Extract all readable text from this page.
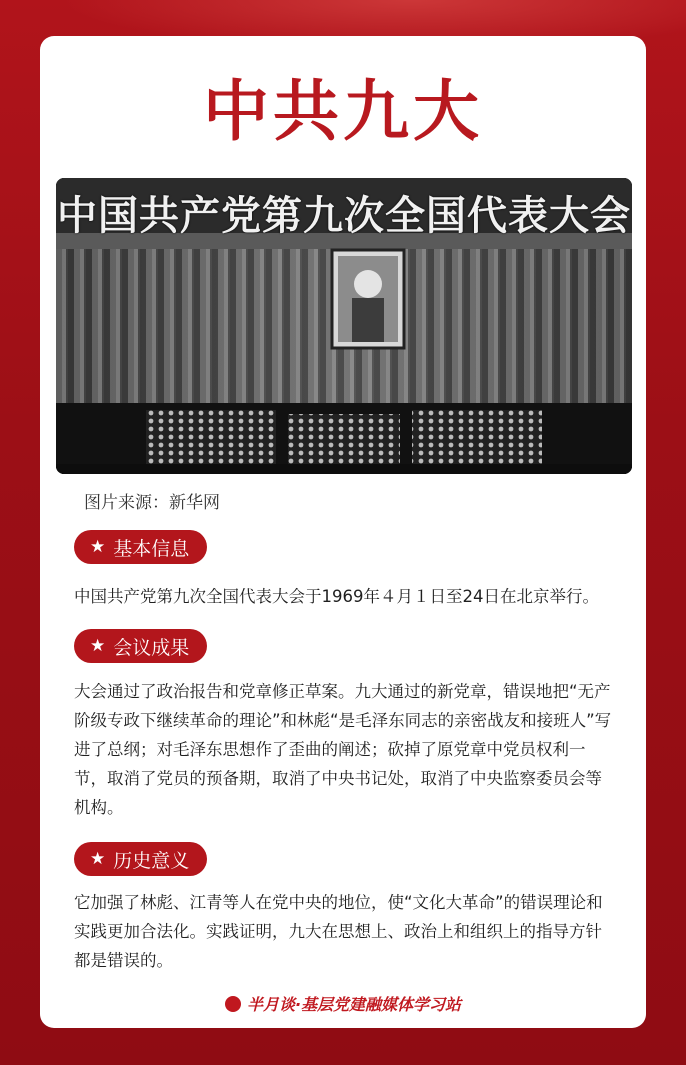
中共九大
中国共产党第九次全国代表大会
图片来源：新华网
★ 基本信息
中国共产党第九次全国代表大会于1969年４月１日至24日在北京举行。
★ 会议成果
大会通过了政治报告和党章修正草案。九大通过的新党章，错误地把“无产阶级专政下继续革命的理论”和林彪“是毛泽东同志的亲密战友和接班人”写进了总纲；对毛泽东思想作了歪曲的阐述；砍掉了原党章中党员权利一节，取消了党员的预备期，取消了中央书记处，取消了中央监察委员会等机构。
★ 历史意义
它加强了林彪、江青等人在党中央的地位，使“文化大革命”的错误理论和实践更加合法化。实践证明，九大在思想上、政治上和组织上的指导方针都是错误的。
半月谈·基层党建融媒体学习站
